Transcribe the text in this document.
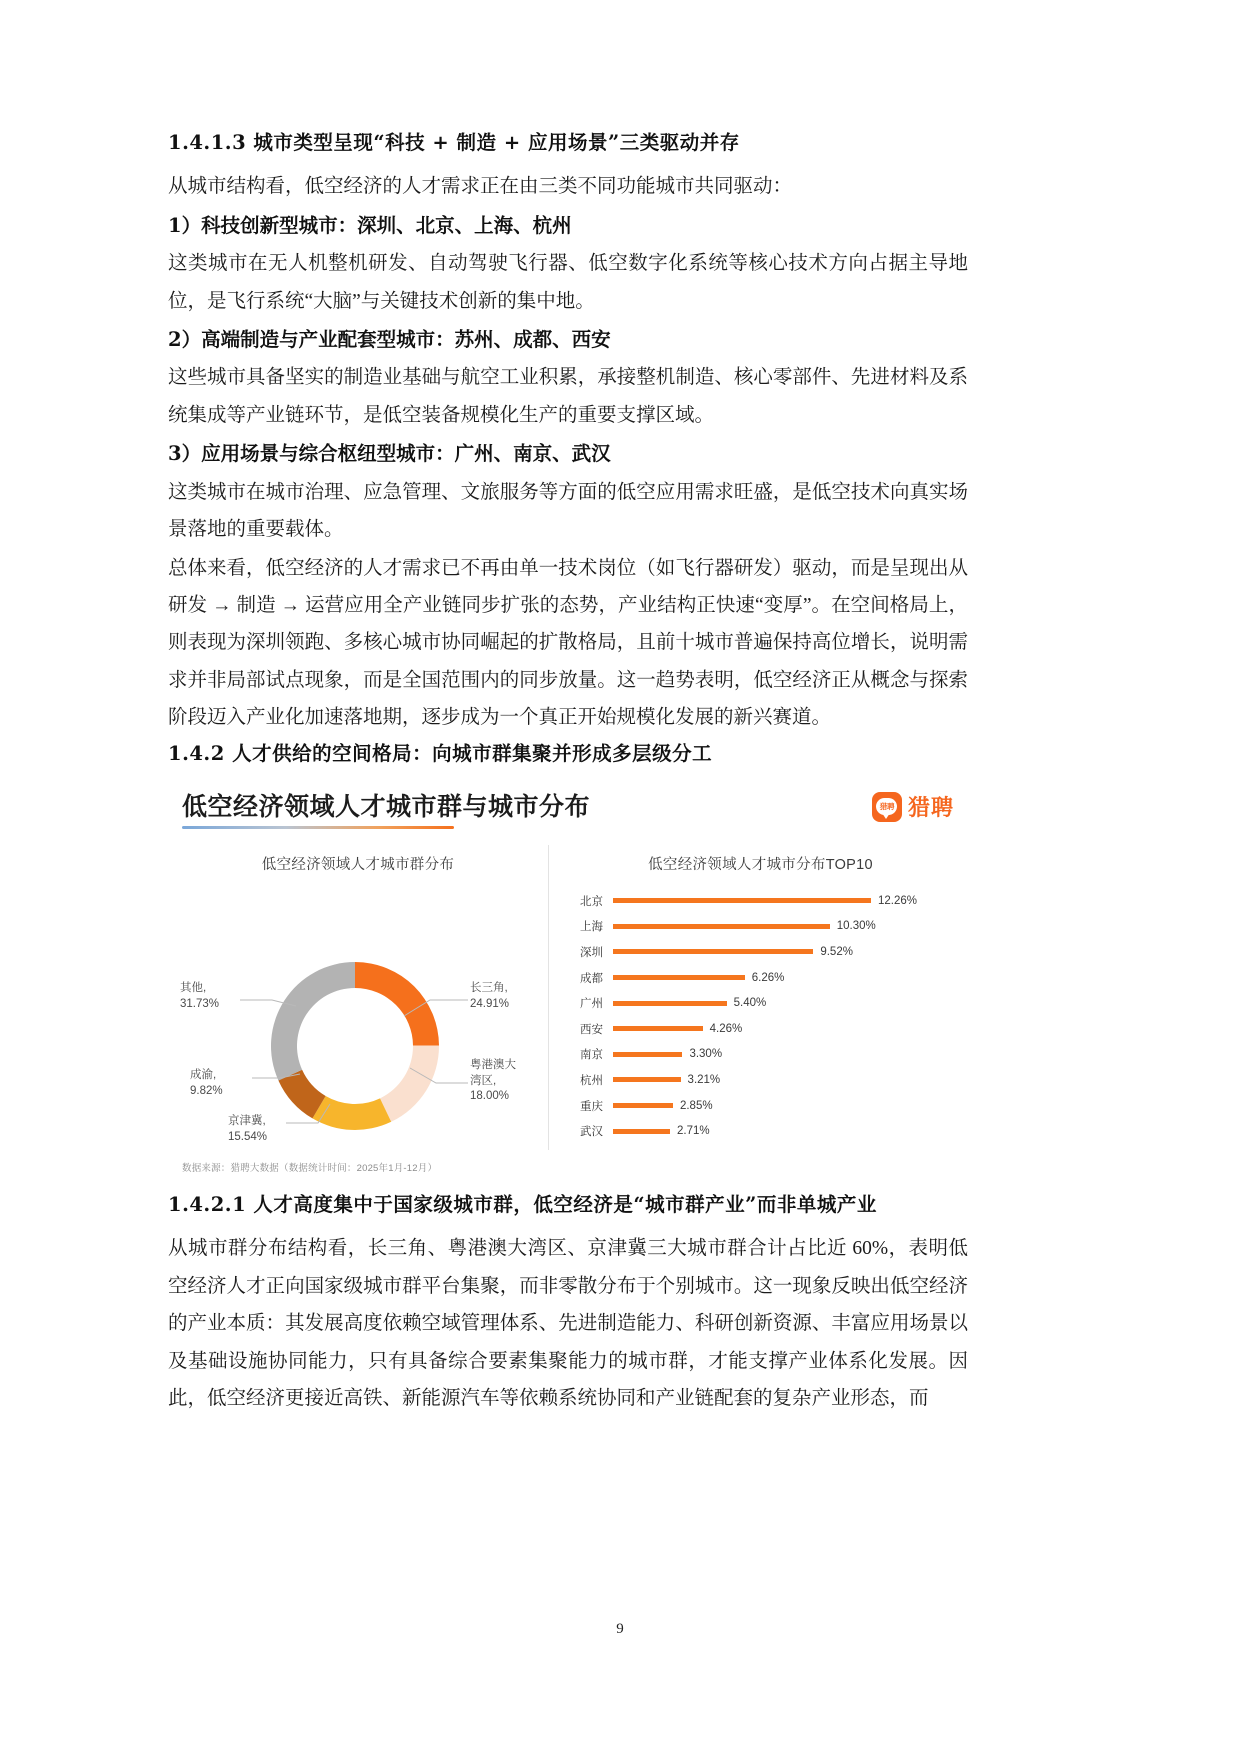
1.4.1.3 城市类型呈现“科技 + 制造 + 应用场景”三类驱动并存

从城市结构看，低空经济的人才需求正在由三类不同功能城市共同驱动：

1）科技创新型城市：深圳、北京、上海、杭州

这类城市在无人机整机研发、自动驾驶飞行器、低空数字化系统等核心技术方向占据主导地位，是飞行系统“大脑”与关键技术创新的集中地。

2）高端制造与产业配套型城市：苏州、成都、西安

这些城市具备坚实的制造业基础与航空工业积累，承接整机制造、核心零部件、先进材料及系统集成等产业链环节，是低空装备规模化生产的重要支撑区域。

3）应用场景与综合枢纽型城市：广州、南京、武汉

这类城市在城市治理、应急管理、文旅服务等方面的低空应用需求旺盛，是低空技术向真实场景落地的重要载体。

总体来看，低空经济的人才需求已不再由单一技术岗位（如飞行器研发）驱动，而是呈现出从研发 → 制造 → 运营应用全产业链同步扩张的态势，产业结构正快速“变厚”。在空间格局上，则表现为深圳领跑、多核心城市协同崛起的扩散格局，且前十城市普遍保持高位增长，说明需求并非局部试点现象，而是全国范围内的同步放量。这一趋势表明，低空经济正从概念与探索阶段迈入产业化加速落地期，逐步成为一个真正开始规模化发展的新兴赛道。

1.4.2 人才供给的空间格局：向城市群集聚并形成多层级分工
低空经济领域人才城市群与城市分布	猎聘 猎聘
低空经济领域人才城市群分布
长三角,
24.91%
粤港澳大
湾区,
18.00%
京津冀,
15.54%
成渝,
9.82%
其他,
31.73%
低空经济领域人才城市分布TOP10
北京	12.26%
上海	10.30%
深圳	9.52%
成都	6.26%
广州	5.40%
西安	4.26%
南京	3.30%
杭州	3.21%
重庆	2.85%
武汉	2.71%
数据来源：猎聘大数据（数据统计时间：2025年1月-12月）
1.4.2.1 人才高度集中于国家级城市群，低空经济是“城市群产业”而非单城产业

从城市群分布结构看，长三角、粤港澳大湾区、京津冀三大城市群合计占比近 60%，表明低空经济人才正向国家级城市群平台集聚，而非零散分布于个别城市。这一现象反映出低空经济的产业本质：其发展高度依赖空域管理体系、先进制造能力、科研创新资源、丰富应用场景以及基础设施协同能力，只有具备综合要素集聚能力的城市群，才能支撑产业体系化发展。因此，低空经济更接近高铁、新能源汽车等依赖系统协同和产业链配套的复杂产业形态，而

9
